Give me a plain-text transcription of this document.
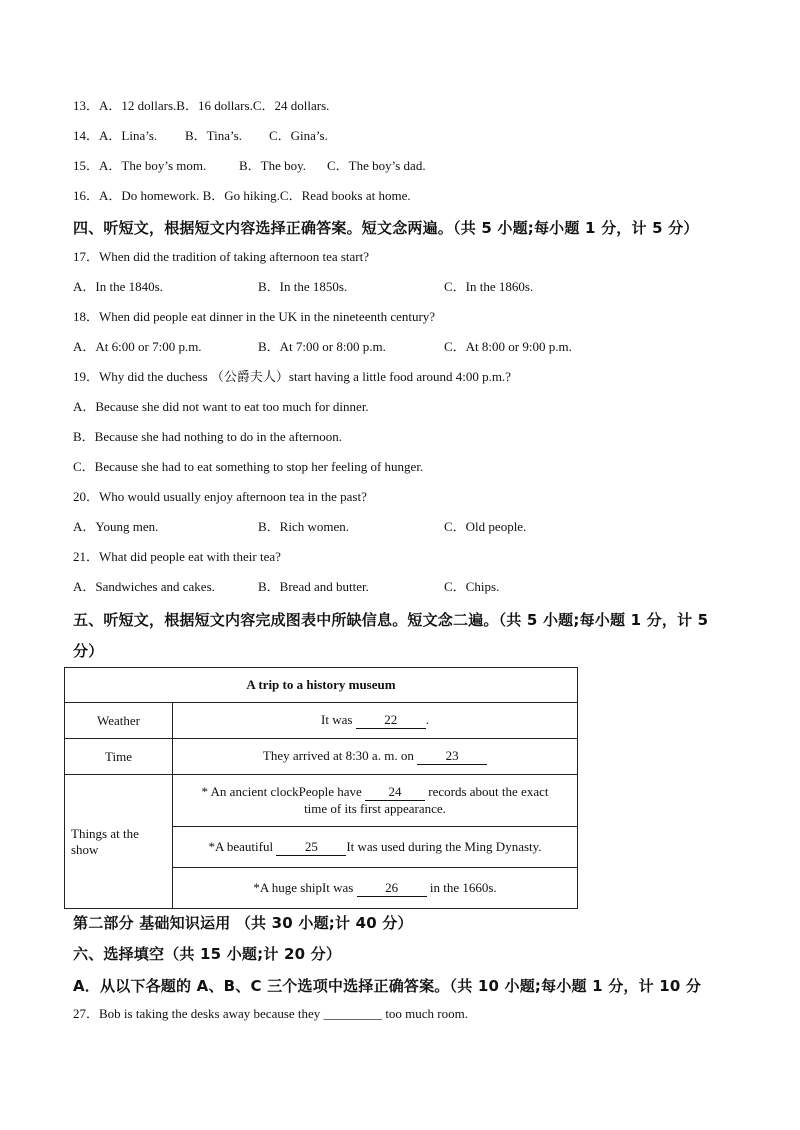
13．A．12 dollars.B．16 dollars.C．24 dollars.
14．A．Lina’s. B．Tina’s. C．Gina’s.
15．A．The boy’s mom.	B．The boy. C．The boy’s dad.
16．A．Do homework. B．Go hiking.C．Read books at home.
四、听短文，根据短文内容选择正确答案。短文念两遍。（共 5 小题;每小题 1 分，计 5 分）
17．When did the tradition of taking afternoon tea start?
A．In the 1840s.	B．In the 1850s.	C．In the 1860s.
18．When did people eat dinner in the UK in the nineteenth century?
A．At 6:00 or 7:00 p.m.	B．At 7:00 or 8:00 p.m.	C．At 8:00 or 9:00 p.m.
19．Why did the duchess （公爵夫人）start having a little food around 4:00 p.m.?
A．Because she did not want to eat too much for dinner.
B．Because she had nothing to do in the afternoon.
C．Because she had to eat something to stop her feeling of hunger.
20．Who would usually enjoy afternoon tea in the past?
A．Young men.	B．Rich women.	C．Old people.
21．What did people eat with their tea?
A．Sandwiches and cakes.	B．Bread and butter.	C．Chips.
五、听短文，根据短文内容完成图表中所缺信息。短文念二遍。（共 5 小题;每小题 1 分，计 5
分）
A trip to a history museum	
Weather	It was 22 .
Time	They arrived at 8:30 a. m. on 23
Things at the show	* An ancient clockPeople have 24 records about the exact
time of its first appearance.
	*A beautiful 25 It was used during the Ming Dynasty.
	*A huge shipIt was 26 in the 1660s.
第二部分 基础知识运用 （共 30 小题;计 40 分）
六、选择填空（共 15 小题;计 20 分）
A．从以下各题的 A、B、C 三个选项中选择正确答案。（共 10 小题;每小题 1 分，计 10 分
27．Bob is taking the desks away because they _________ too much room.
